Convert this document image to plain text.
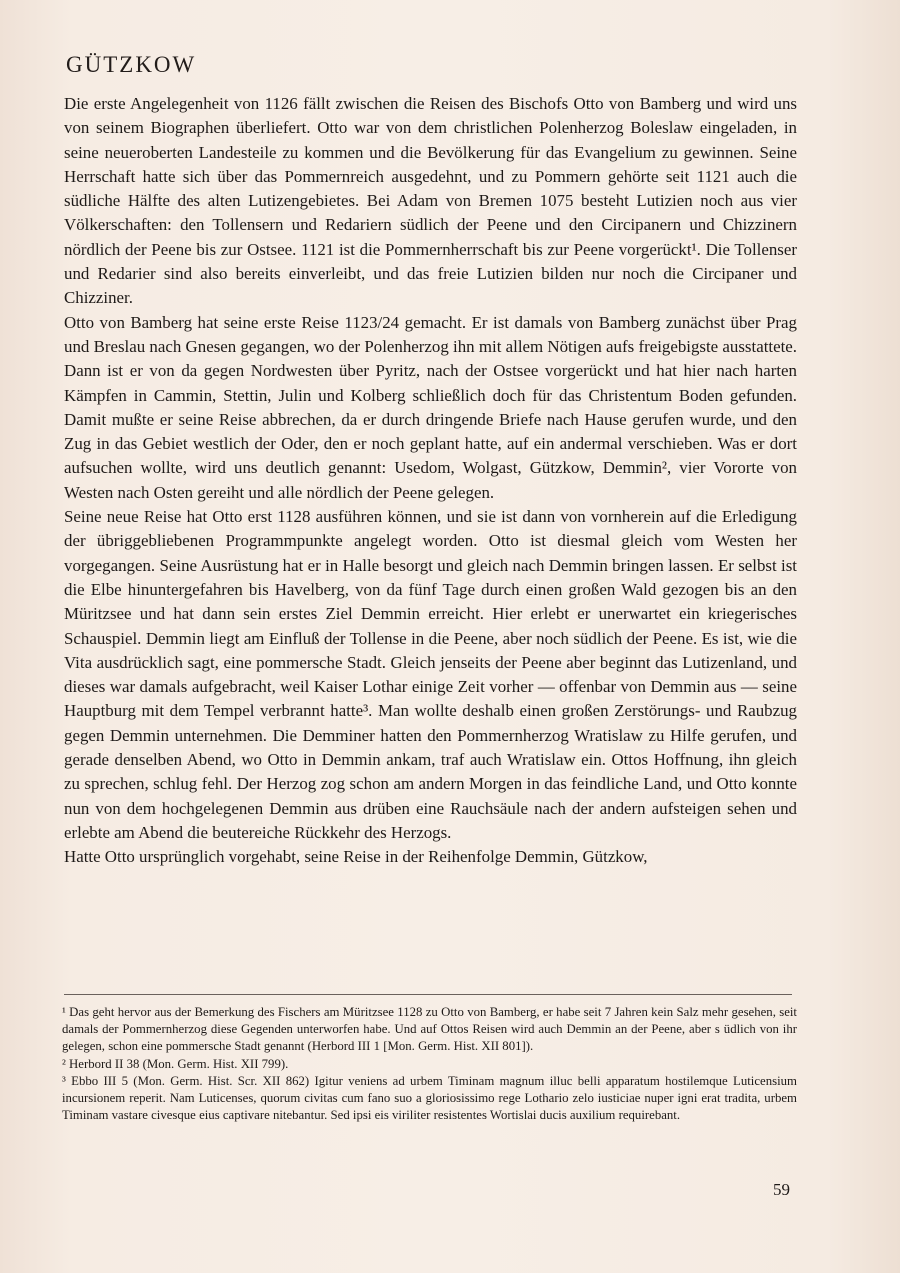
GÜTZKOW

Die erste Angelegenheit von 1126 fällt zwischen die Reisen des Bischofs Otto von Bamberg und wird uns von seinem Biographen überliefert. Otto war von dem christlichen Polenherzog Boleslaw eingeladen, in seine neueroberten Landesteile zu kommen und die Bevölkerung für das Evangelium zu gewinnen. Seine Herrschaft hatte sich über das Pommernreich ausgedehnt, und zu Pommern gehörte seit 1121 auch die südliche Hälfte des alten Lutizengebietes. Bei Adam von Bremen 1075 besteht Lutizien noch aus vier Völkerschaften: den Tollensern und Redariern südlich der Peene und den Circipanern und Chizzinern nördlich der Peene bis zur Ostsee. 1121 ist die Pommernherrschaft bis zur Peene vorgerückt¹. Die Tollenser und Redarier sind also bereits einverleibt, und das freie Lutizien bilden nur noch die Circipaner und Chizziner.

Otto von Bamberg hat seine erste Reise 1123/24 gemacht. Er ist damals von Bamberg zunächst über Prag und Breslau nach Gnesen gegangen, wo der Polenherzog ihn mit allem Nötigen aufs freigebigste ausstattete. Dann ist er von da gegen Nordwesten über Pyritz, nach der Ostsee vorgerückt und hat hier nach harten Kämpfen in Cammin, Stettin, Julin und Kolberg schließlich doch für das Christentum Boden gefunden. Damit mußte er seine Reise abbrechen, da er durch dringende Briefe nach Hause gerufen wurde, und den Zug in das Gebiet westlich der Oder, den er noch geplant hatte, auf ein andermal verschieben. Was er dort aufsuchen wollte, wird uns deutlich genannt: Usedom, Wolgast, Gützkow, Demmin², vier Vororte von Westen nach Osten gereiht und alle nördlich der Peene gelegen.

Seine neue Reise hat Otto erst 1128 ausführen können, und sie ist dann von vornherein auf die Erledigung der übriggebliebenen Programmpunkte angelegt worden. Otto ist diesmal gleich vom Westen her vorgegangen. Seine Ausrüstung hat er in Halle besorgt und gleich nach Demmin bringen lassen. Er selbst ist die Elbe hinuntergefahren bis Havelberg, von da fünf Tage durch einen großen Wald gezogen bis an den Müritzsee und hat dann sein erstes Ziel Demmin erreicht. Hier erlebt er unerwartet ein kriegerisches Schauspiel. Demmin liegt am Einfluß der Tollense in die Peene, aber noch südlich der Peene. Es ist, wie die Vita ausdrücklich sagt, eine pommersche Stadt. Gleich jenseits der Peene aber beginnt das Lutizenland, und dieses war damals aufgebracht, weil Kaiser Lothar einige Zeit vorher — offenbar von Demmin aus — seine Hauptburg mit dem Tempel verbrannt hatte³. Man wollte deshalb einen großen Zerstörungs- und Raubzug gegen Demmin unternehmen. Die Demminer hatten den Pommernherzog Wratislaw zu Hilfe gerufen, und gerade denselben Abend, wo Otto in Demmin ankam, traf auch Wratislaw ein. Ottos Hoffnung, ihn gleich zu sprechen, schlug fehl. Der Herzog zog schon am andern Morgen in das feindliche Land, und Otto konnte nun von dem hochgelegenen Demmin aus drüben eine Rauchsäule nach der andern aufsteigen sehen und erlebte am Abend die beutereiche Rückkehr des Herzogs.

Hatte Otto ursprünglich vorgehabt, seine Reise in der Reihenfolge Demmin, Gützkow,

¹ Das geht hervor aus der Bemerkung des Fischers am Müritzsee 1128 zu Otto von Bamberg, er habe seit 7 Jahren kein Salz mehr gesehen, seit damals der Pommernherzog diese Gegenden unterworfen habe. Und auf Ottos Reisen wird auch Demmin an der Peene, aber s üdlich von ihr gelegen, schon eine pommersche Stadt genannt (Herbord III 1 [Mon. Germ. Hist. XII 801]).

² Herbord II 38 (Mon. Germ. Hist. XII 799).

³ Ebbo III 5 (Mon. Germ. Hist. Scr. XII 862) Igitur veniens ad urbem Timinam magnum illuc belli apparatum hostilemque Luticensium incursionem reperit. Nam Luticenses, quorum civitas cum fano suo a gloriosissimo rege Lothario zelo iusticiae nuper igni erat tradita, urbem Timinam vastare civesque eius captivare nitebantur. Sed ipsi eis viriliter resistentes Wortislai ducis auxilium requirebant.

59
